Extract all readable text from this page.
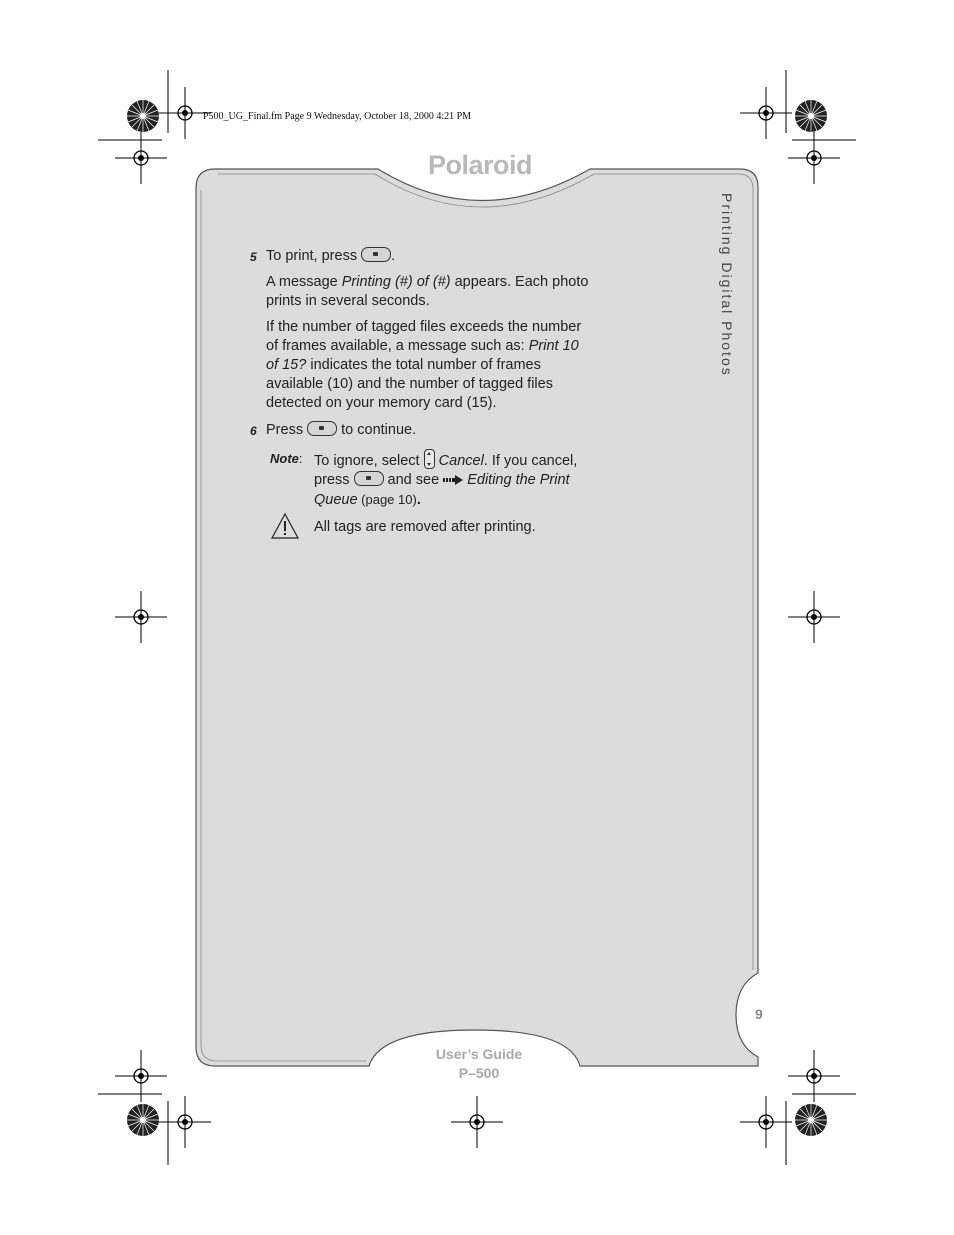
P500_UG_Final.fm Page 9 Wednesday, October 18, 2000 4:21 PM
Polaroid
Printing Digital Photos

5 To print, press .

A message Printing (#) of (#) appears. Each photo prints in several seconds.

If the number of tagged files exceeds the number of frames available, a message such as: Print 10 of 15? indicates the total number of frames available (10) and the number of tagged files detected on your memory card (15).

6 Press	to continue.

Note: To ignore, select  Cancel. If you cancel, press  and see  Editing the Print Queue (page 10).
All tags are removed after printing.
9
User’s Guide
P–500
